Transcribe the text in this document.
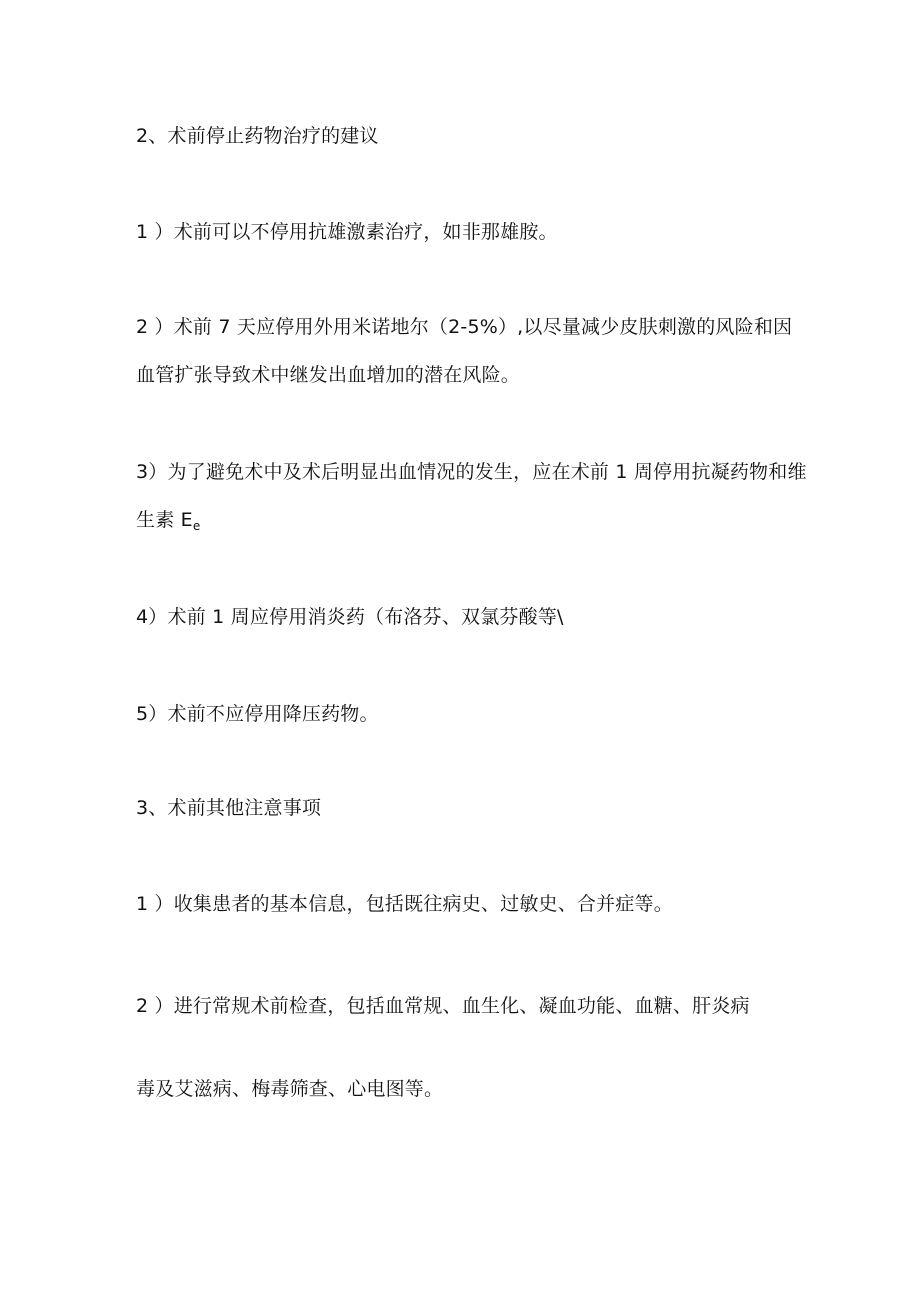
2、术前停止药物治疗的建议
1 ）术前可以不停用抗雄激素治疗，如非那雄胺。
2 ）术前 7 天应停用外用米诺地尔（2-5%）,以尽量减少皮肤刺激的风险和因
血管扩张导致术中继发出血增加的潜在风险。
3）为了避免术中及术后明显出血情况的发生，应在术前 1 周停用抗凝药物和维
生素 $E_e$
4）术前 1 周应停用消炎药（布洛芬、双氯芬酸等\
5）术前不应停用降压药物。
3、术前其他注意事项
1 ）收集患者的基本信息，包括既往病史、过敏史、合并症等。
2 ）进行常规术前检查，包括血常规、血生化、凝血功能、血糖、肝炎病
毒及艾滋病、梅毒筛查、心电图等。
